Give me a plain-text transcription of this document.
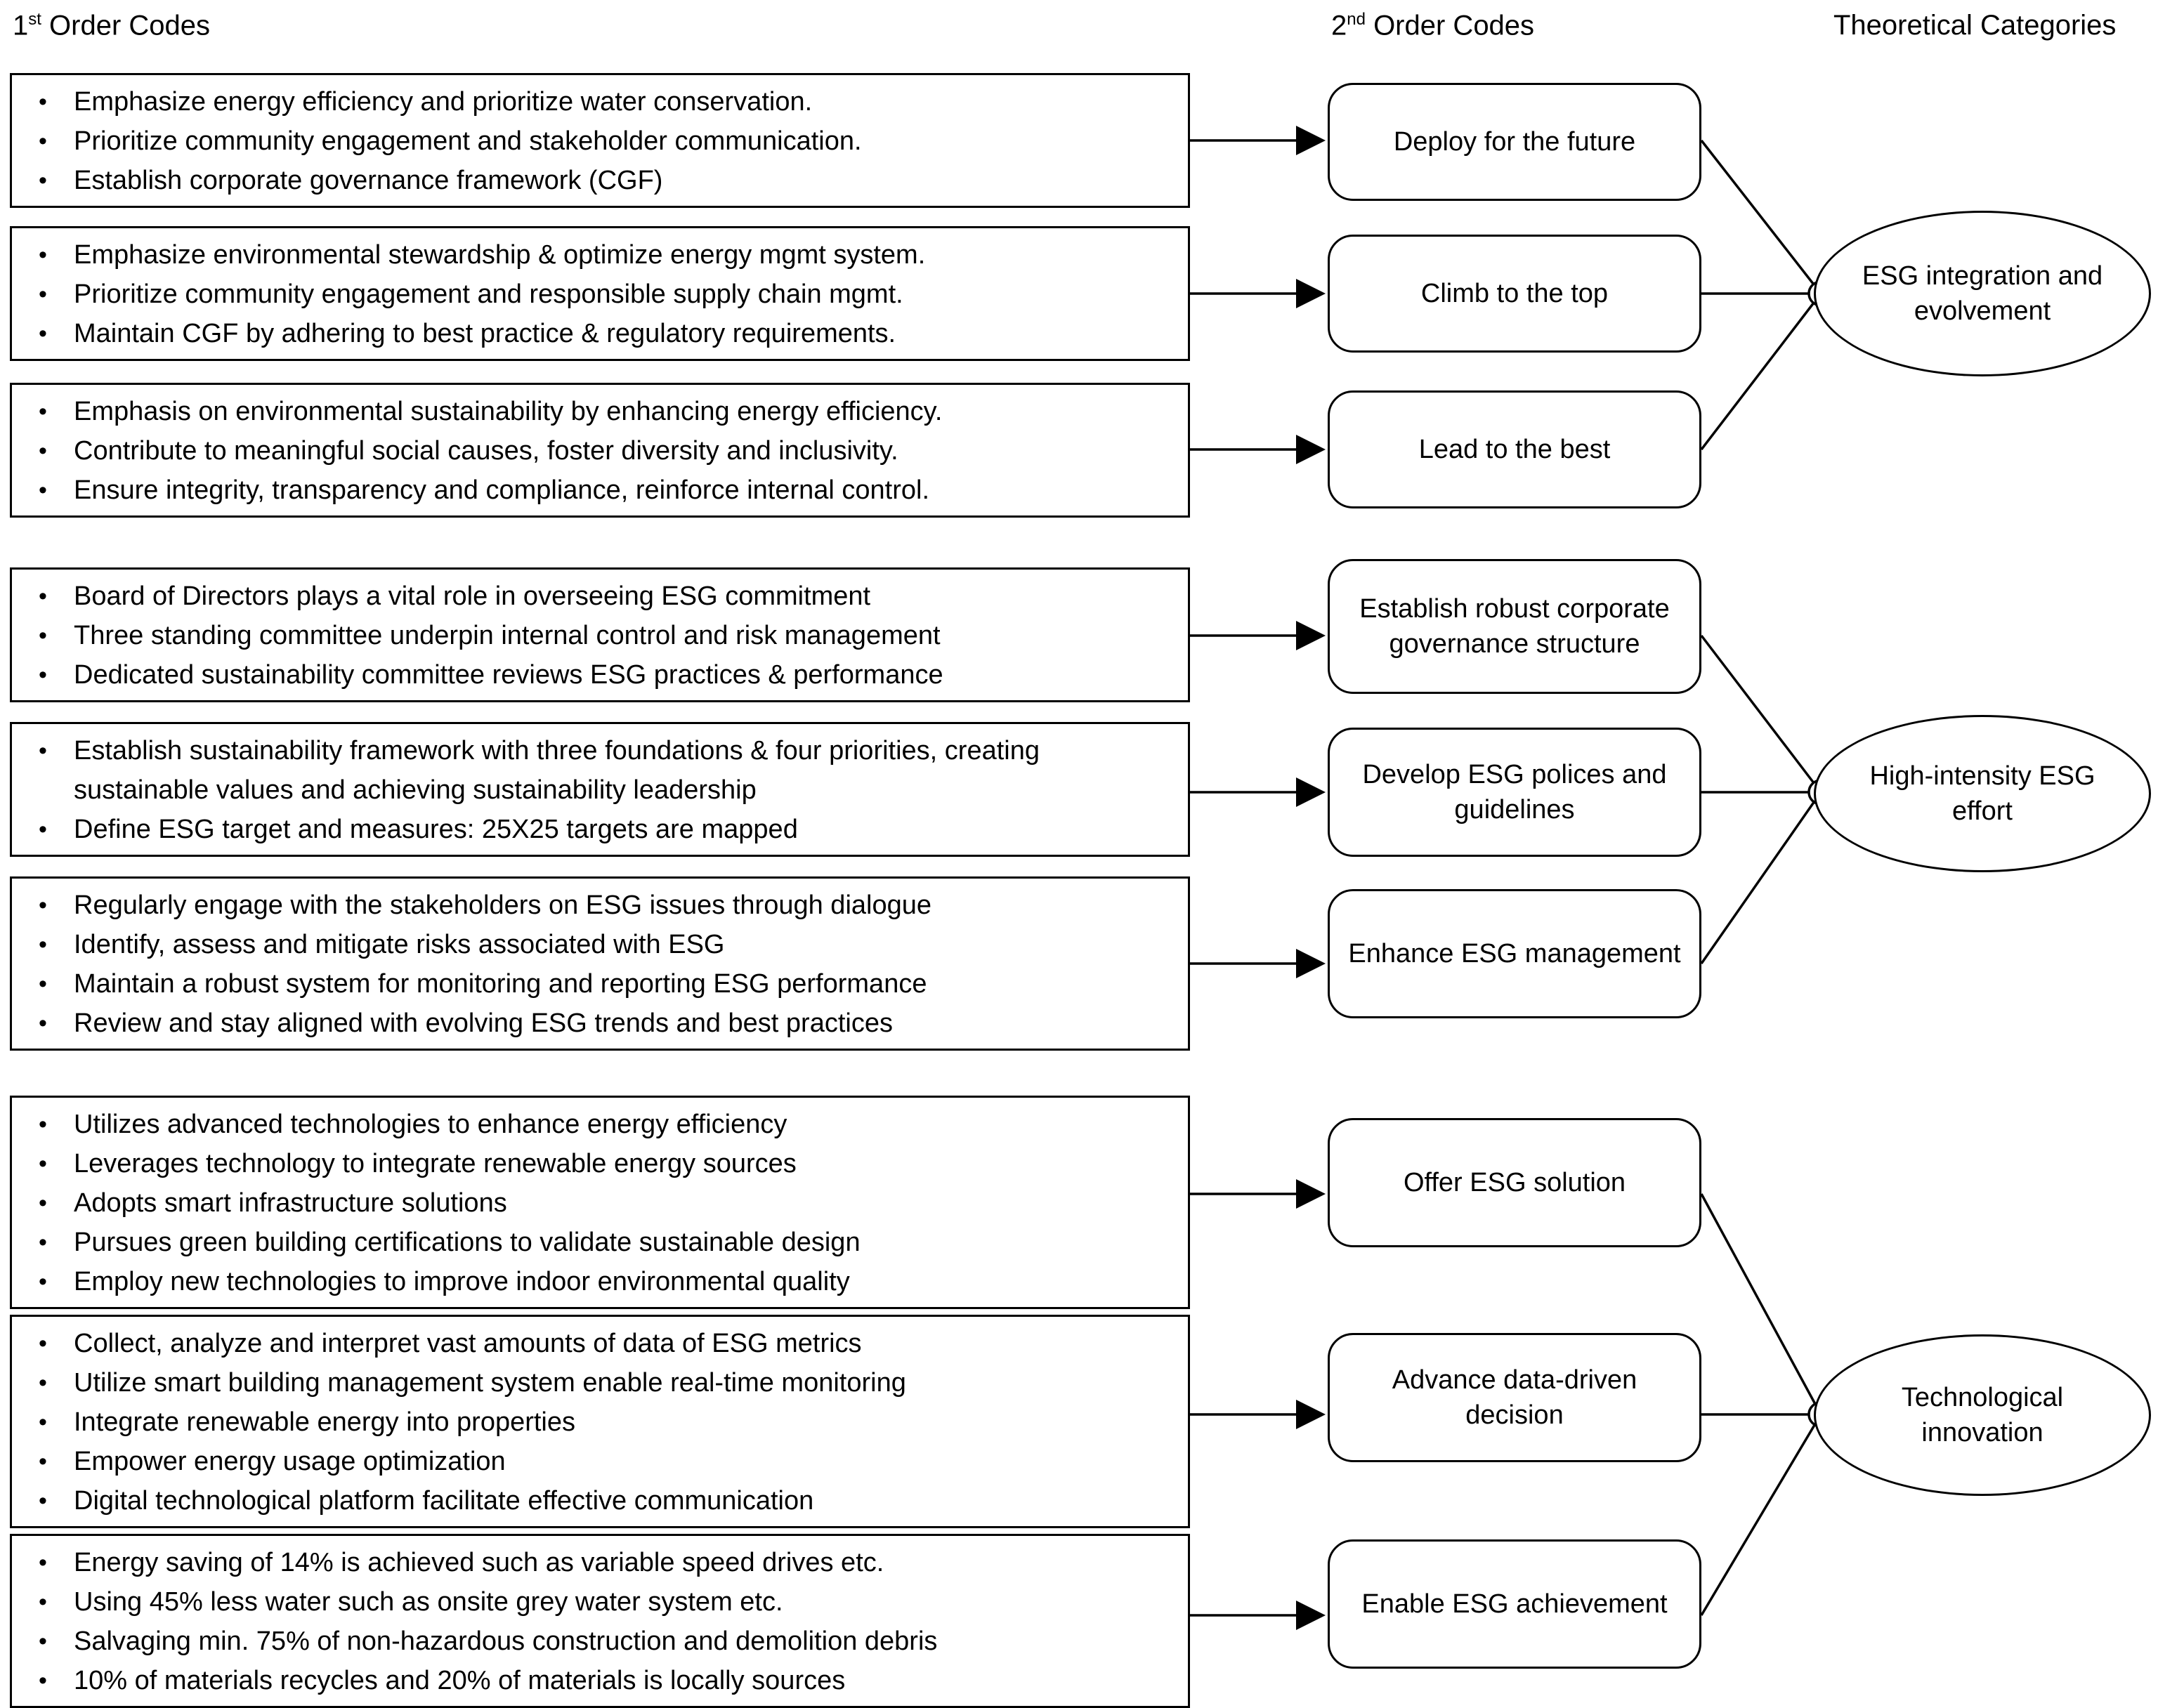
1st Order Codes	2nd Order Codes	Theoretical Categories
• Emphasize energy efficiency and prioritize water conservation.
• Prioritize community engagement and stakeholder communication.
• Establish corporate governance framework (CGF)
• Emphasize environmental stewardship & optimize energy mgmt system.
• Prioritize community engagement and responsible supply chain mgmt.
• Maintain CGF by adhering to best practice & regulatory requirements.
• Emphasis on environmental sustainability by enhancing energy efficiency.
• Contribute to meaningful social causes, foster diversity and inclusivity.
• Ensure integrity, transparency and compliance, reinforce internal control.
• Board of Directors plays a vital role in overseeing ESG commitment
• Three standing committee underpin internal control and risk management
• Dedicated sustainability committee reviews ESG practices & performance
• Establish sustainability framework with three foundations & four priorities, creating sustainable values and achieving sustainability leadership
• Define ESG target and measures: 25X25 targets are mapped
• Regularly engage with the stakeholders on ESG issues through dialogue
• Identify, assess and mitigate risks associated with ESG
• Maintain a robust system for monitoring and reporting ESG performance
• Review and stay aligned with evolving ESG trends and best practices
• Utilizes advanced technologies to enhance energy efficiency
• Leverages technology to integrate renewable energy sources
• Adopts smart infrastructure solutions
• Pursues green building certifications to validate sustainable design
• Employ new technologies to improve indoor environmental quality
• Collect, analyze and interpret vast amounts of data of ESG metrics
• Utilize smart building management system enable real-time monitoring
• Integrate renewable energy into properties
• Empower energy usage optimization
• Digital technological platform facilitate effective communication
• Energy saving of 14% is achieved such as variable speed drives etc.
• Using 45% less water such as onsite grey water system etc.
• Salvaging min. 75% of non-hazardous construction and demolition debris
• 10% of materials recycles and 20% of materials is locally sources
Deploy for the future
Climb to the top
Lead to the best
Establish robust corporate governance structure
Develop ESG polices and guidelines
Enhance ESG management
Offer ESG solution
Advance data-driven decision
Enable ESG achievement
ESG integration and evolvement
High-intensity ESG effort
Technological innovation
